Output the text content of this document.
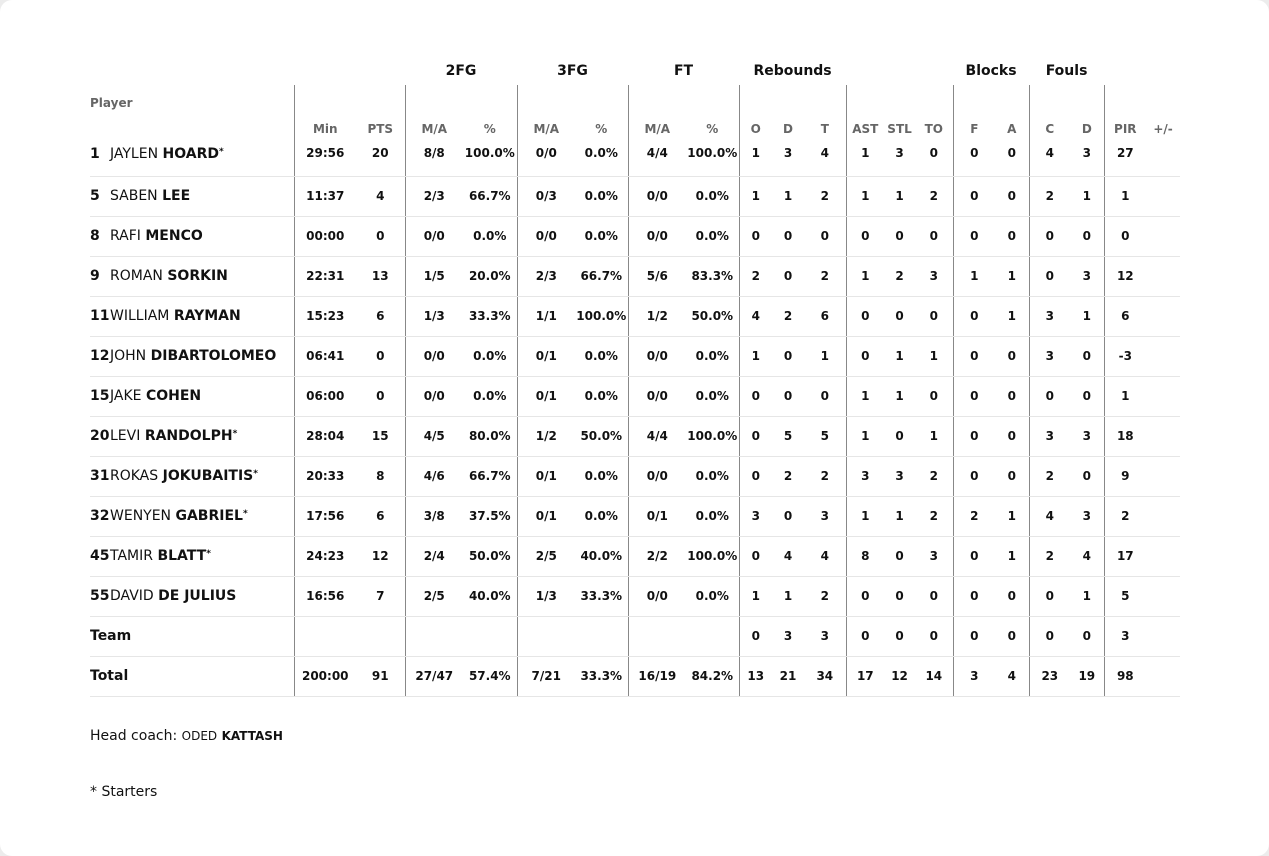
			2FG		3FG		FT		Rebounds						Blocks		Fouls			
Player	Min	PTS	M/A	%	M/A	%	M/A	%	O	D	T	AST	STL	TO	F	A	C	D	PIR	+/-
1 JAYLEN HOARD*	29:56	20	8/8	100.0%	0/0	0.0%	4/4	100.0%	1	3	4	1	3	0	0	0	4	3	27	
5 SABEN LEE	11:37	4	2/3	66.7%	0/3	0.0%	0/0	0.0%	1	1	2	1	1	2	0	0	2	1	1	
8 RAFI MENCO	00:00	0	0/0	0.0%	0/0	0.0%	0/0	0.0%	0	0	0	0	0	0	0	0	0	0	0	
9 ROMAN SORKIN	22:31	13	1/5	20.0%	2/3	66.7%	5/6	83.3%	2	0	2	1	2	3	1	1	0	3	12	
11WILLIAM RAYMAN	15:23	6	1/3	33.3%	1/1	100.0%	1/2	50.0%	4	2	6	0	0	0	0	1	3	1	6	
12JOHN DIBARTOLOMEO	06:41	0	0/0	0.0%	0/1	0.0%	0/0	0.0%	1	0	1	0	1	1	0	0	3	0	-3	
15JAKE COHEN	06:00	0	0/0	0.0%	0/1	0.0%	0/0	0.0%	0	0	0	1	1	0	0	0	0	0	1	
20LEVI RANDOLPH*	28:04	15	4/5	80.0%	1/2	50.0%	4/4	100.0%	0	5	5	1	0	1	0	0	3	3	18	
31ROKAS JOKUBAITIS*	20:33	8	4/6	66.7%	0/1	0.0%	0/0	0.0%	0	2	2	3	3	2	0	0	2	0	9	
32WENYEN GABRIEL*	17:56	6	3/8	37.5%	0/1	0.0%	0/1	0.0%	3	0	3	1	1	2	2	1	4	3	2	
45TAMIR BLATT*	24:23	12	2/4	50.0%	2/5	40.0%	2/2	100.0%	0	4	4	8	0	3	0	1	2	4	17	
55DAVID DE JULIUS	16:56	7	2/5	40.0%	1/3	33.3%	0/0	0.0%	1	1	2	0	0	0	0	0	0	1	5	
Team									0	3	3	0	0	0	0	0	0	0	3	
Total	200:00	91	27/47	57.4%	7/21	33.3%	16/19	84.2%	13	21	34	17	12	14	3	4	23	19	98	
Head coach: ODED KATTASH
* Starters
